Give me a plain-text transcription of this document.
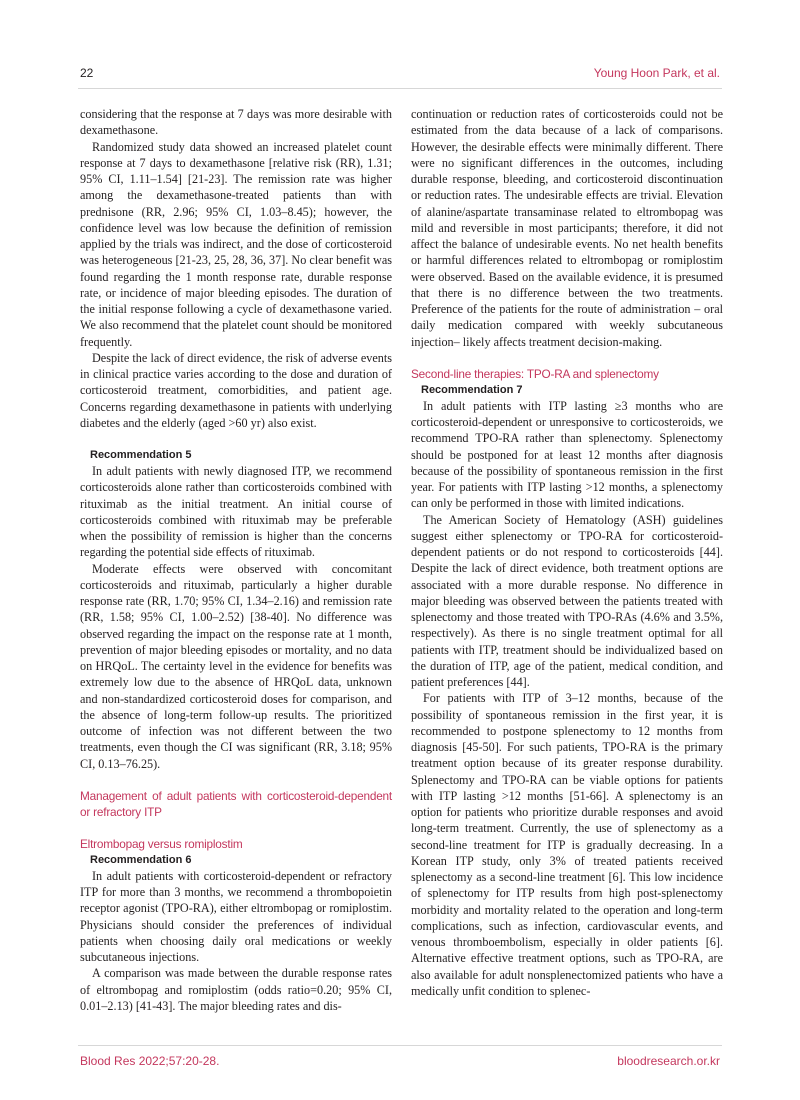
22	Young Hoon Park, et al.

considering that the response at 7 days was more desirable with dexamethasone.

Randomized study data showed an increased platelet count response at 7 days to dexamethasone [relative risk (RR), 1.31; 95% CI, 1.11–1.54] [21-23]. The remission rate was higher among the dexamethasone-treated patients than with prednisone (RR, 2.96; 95% CI, 1.03–8.45); however, the confidence level was low because the definition of remission applied by the trials was indirect, and the dose of corticosteroid was heterogeneous [21-23, 25, 28, 36, 37]. No clear benefit was found regarding the 1 month response rate, durable response rate, or incidence of major bleeding episodes. The duration of the initial response following a cycle of dexamethasone varied. We also recommend that the platelet count should be monitored frequently.

Despite the lack of direct evidence, the risk of adverse events in clinical practice varies according to the dose and duration of corticosteroid treatment, comorbidities, and patient age. Concerns regarding dexamethasone in patients with underlying diabetes and the elderly (aged >60 yr) also exist.

Recommendation 5

In adult patients with newly diagnosed ITP, we recommend corticosteroids alone rather than corticosteroids combined with rituximab as the initial treatment. An initial course of corticosteroids combined with rituximab may be preferable when the possibility of remission is higher than the concerns regarding the potential side effects of rituximab.

Moderate effects were observed with concomitant corticosteroids and rituximab, particularly a higher durable response rate (RR, 1.70; 95% CI, 1.34–2.16) and remission rate (RR, 1.58; 95% CI, 1.00–2.52) [38-40]. No difference was observed regarding the impact on the response rate at 1 month, prevention of major bleeding episodes or mortality, and no data on HRQoL. The certainty level in the evidence for benefits was extremely low due to the absence of HRQoL data, unknown and non-standardized corticosteroid doses for comparison, and the absence of long-term follow-up results. The prioritized outcome of infection was not different between the two treatments, even though the CI was significant (RR, 3.18; 95% CI, 0.13–76.25).

Management of adult patients with corticosteroid-dependent or refractory ITP
Eltrombopag versus romiplostim
Recommendation 6

In adult patients with corticosteroid-dependent or refractory ITP for more than 3 months, we recommend a thrombopoietin receptor agonist (TPO-RA), either eltrombopag or romiplostim. Physicians should consider the preferences of individual patients when choosing daily oral medications or weekly subcutaneous injections.

A comparison was made between the durable response rates of eltrombopag and romiplostim (odds ratio=0.20; 95% CI, 0.01–2.13) [41-43]. The major bleeding rates and dis-

continuation or reduction rates of corticosteroids could not be estimated from the data because of a lack of comparisons. However, the desirable effects were minimally different. There were no significant differences in the outcomes, including durable response, bleeding, and corticosteroid discontinuation or reduction rates. The undesirable effects are trivial. Elevation of alanine/aspartate transaminase related to eltrombopag was mild and reversible in most participants; therefore, it did not affect the balance of undesirable events. No net health benefits or harmful differences related to eltrombopag or romiplostim were observed. Based on the available evidence, it is presumed that there is no difference between the two treatments. Preference of the patients for the route of administration – oral daily medication compared with weekly subcutaneous injection– likely affects treatment decision-making.

Second-line therapies: TPO-RA and splenectomy
Recommendation 7

In adult patients with ITP lasting ≥3 months who are corticosteroid-dependent or unresponsive to corticosteroids, we recommend TPO-RA rather than splenectomy. Splenectomy should be postponed for at least 12 months after diagnosis because of the possibility of spontaneous remission in the first year. For patients with ITP lasting >12 months, a splenectomy can only be performed in those with limited indications.

The American Society of Hematology (ASH) guidelines suggest either splenectomy or TPO-RA for corticosteroid-dependent patients or do not respond to corticosteroids [44]. Despite the lack of direct evidence, both treatment options are associated with a more durable response. No difference in major bleeding was observed between the patients treated with splenectomy and those treated with TPO-RAs (4.6% and 3.5%, respectively). As there is no single treatment optimal for all patients with ITP, treatment should be individualized based on the duration of ITP, age of the patient, medical condition, and patient preferences [44].

For patients with ITP of 3–12 months, because of the possibility of spontaneous remission in the first year, it is recommended to postpone splenectomy to 12 months from diagnosis [45-50]. For such patients, TPO-RA is the primary treatment option because of its greater response durability. Splenectomy and TPO-RA can be viable options for patients with ITP lasting >12 months [51-66]. A splenectomy is an option for patients who prioritize durable responses and avoid long-term treatment. Currently, the use of splenectomy as a second-line treatment for ITP is gradually decreasing. In a Korean ITP study, only 3% of treated patients received splenectomy as a second-line treatment [6]. This low incidence of splenectomy for ITP results from high post-splenectomy morbidity and mortality related to the operation and long-term complications, such as infection, cardiovascular events, and venous thromboembolism, especially in older patients [6]. Alternative effective treatment options, such as TPO-RA, are also available for adult nonsplenectomized patients who have a medically unfit condition to splenec-

Blood Res 2022;57:20-28.	bloodresearch.or.kr
